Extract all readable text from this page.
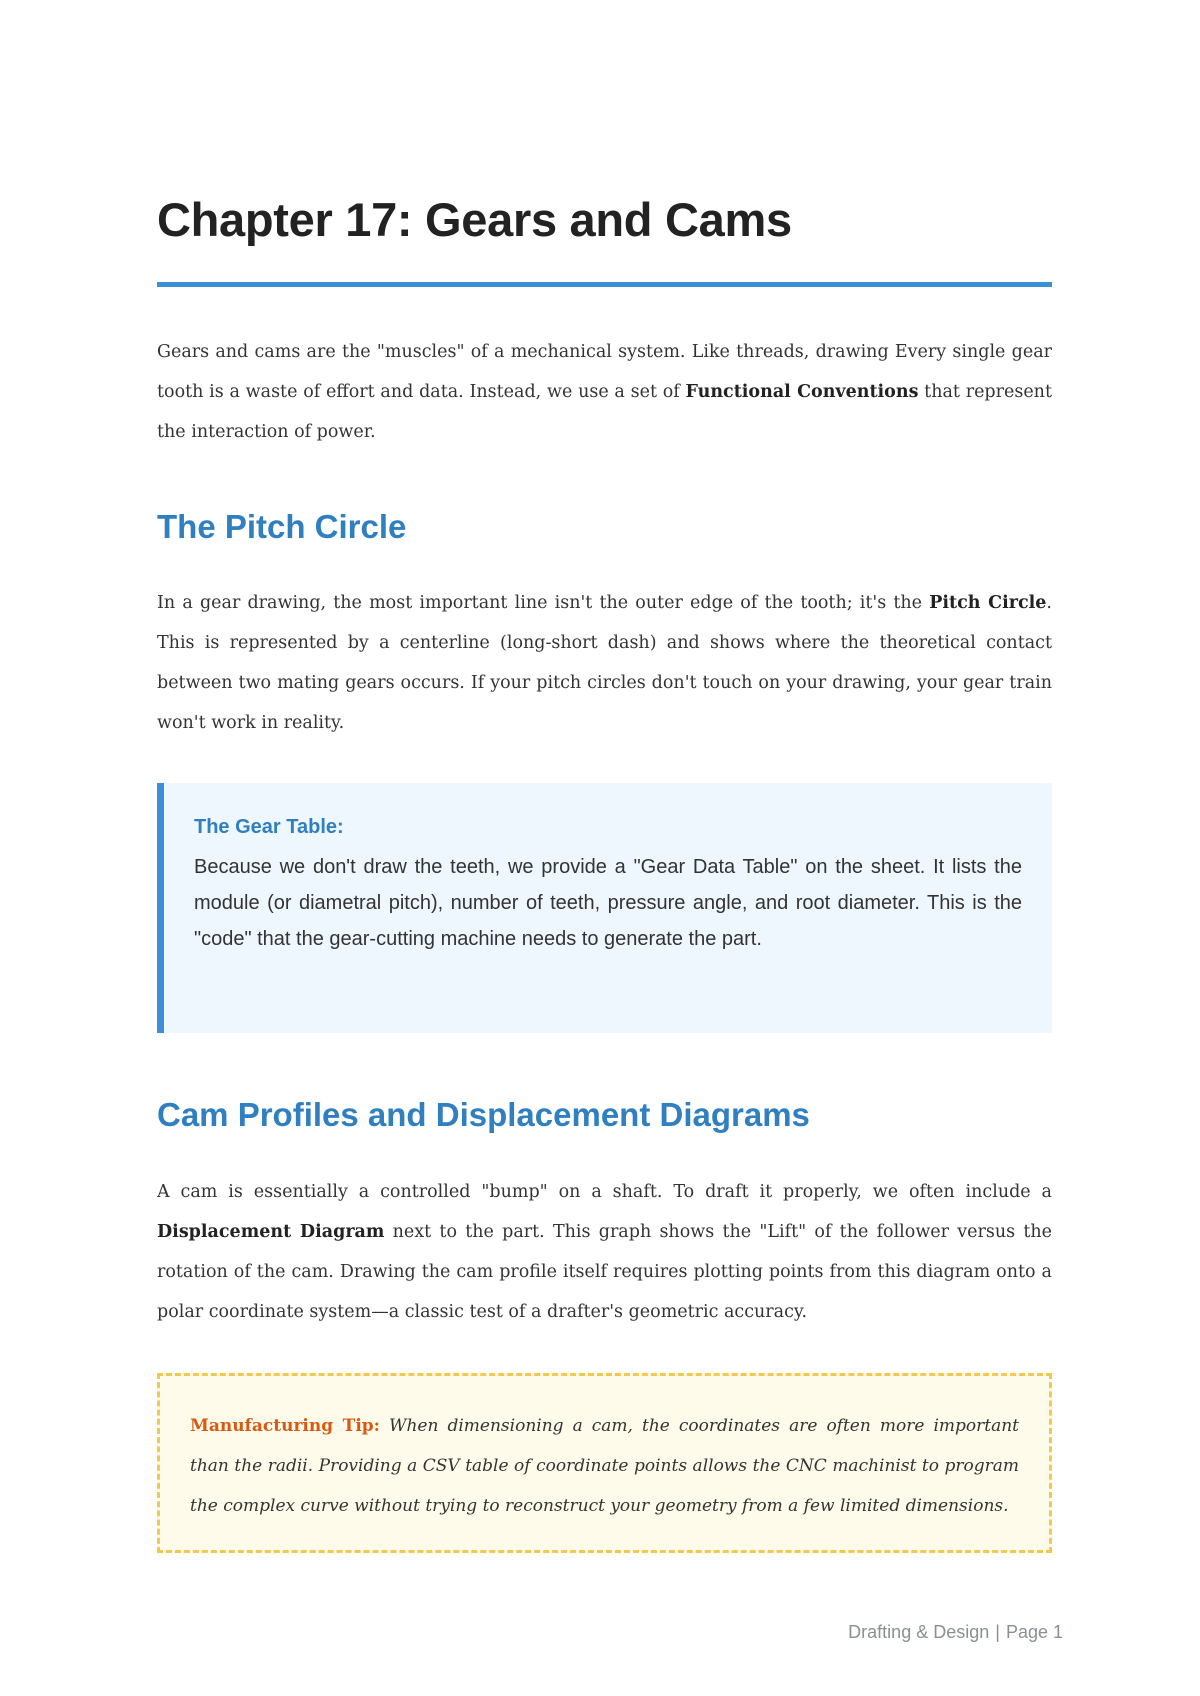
Chapter 17: Gears and Cams

Gears and cams are the "muscles" of a mechanical system. Like threads, drawing Every single gear tooth is a waste of effort and data. Instead, we use a set of Functional Conventions that represent the interaction of power.

The Pitch Circle

In a gear drawing, the most important line isn't the outer edge of the tooth; it's the Pitch Circle. This is represented by a centerline (long-short dash) and shows where the theoretical contact between two mating gears occurs. If your pitch circles don't touch on your drawing, your gear train won't work in reality.

The Gear Table:

Because we don't draw the teeth, we provide a "Gear Data Table" on the sheet. It lists the module (or diametral pitch), number of teeth, pressure angle, and root diameter. This is the "code" that the gear-cutting machine needs to generate the part.

Cam Profiles and Displacement Diagrams

A cam is essentially a controlled "bump" on a shaft. To draft it properly, we often include a Displacement Diagram next to the part. This graph shows the "Lift" of the follower versus the rotation of the cam. Drawing the cam profile itself requires plotting points from this diagram onto a polar coordinate system—a classic test of a drafter's geometric accuracy.

Manufacturing Tip: When dimensioning a cam, the coordinates are often more important than the radii. Providing a CSV table of coordinate points allows the CNC machinist to program the complex curve without trying to reconstruct your geometry from a few limited dimensions.

Drafting & Design | Page 1
